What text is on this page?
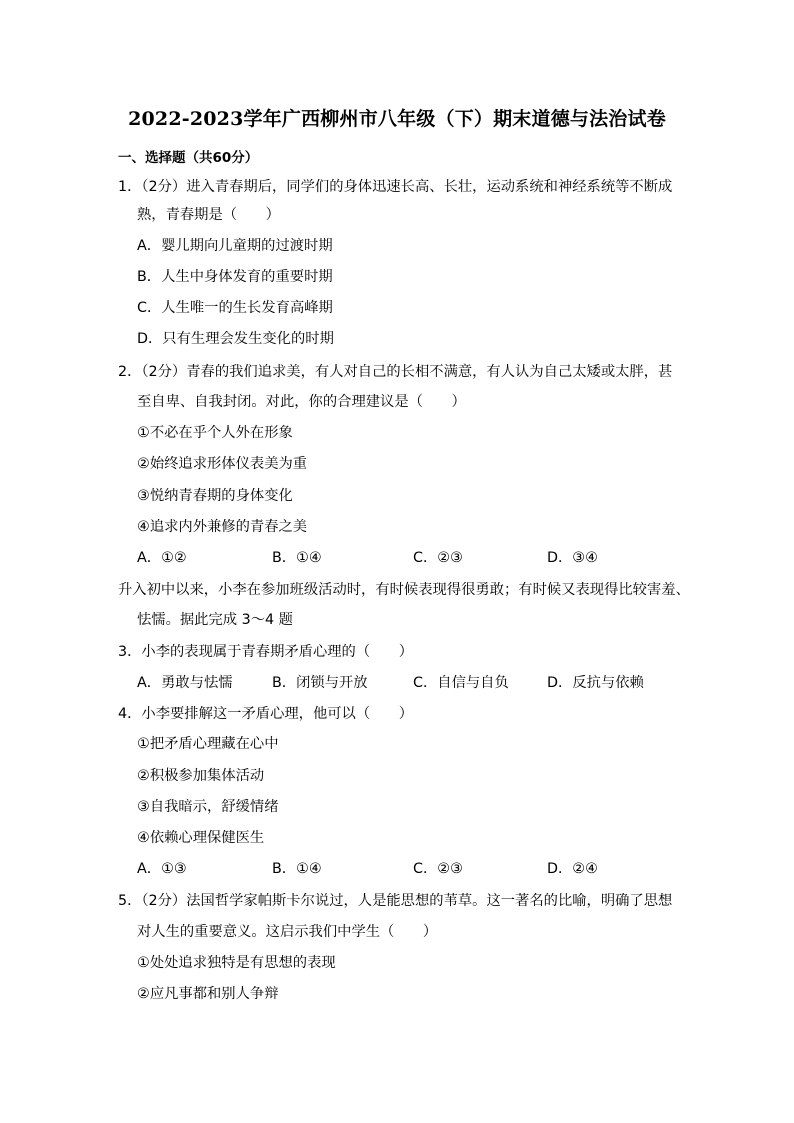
2022-2023学年广西柳州市八年级（下）期末道德与法治试卷
一、选择题（共60分）
1．（2分）进入青春期后，同学们的身体迅速长高、长壮，运动系统和神经系统等不断成
熟，青春期是（　　）
A．婴儿期向儿童期的过渡时期
B．人生中身体发育的重要时期
C．人生唯一的生长发育高峰期
D．只有生理会发生变化的时期
2．（2分）青春的我们追求美，有人对自己的长相不满意，有人认为自己太矮或太胖，甚
至自卑、自我封闭。对此，你的合理建议是（　　）
①不必在乎个人外在形象
②始终追求形体仪表美为重
③悦纳青春期的身体变化
④追求内外兼修的青春之美
A．①②	B．①④	C．②③	D．③④
升入初中以来，小李在参加班级活动时，有时候表现得很勇敢；有时候又表现得比较害羞、
怯懦。据此完成 3～4 题
3．小李的表现属于青春期矛盾心理的（　　）
A．勇敢与怯懦	B．闭锁与开放	C．自信与自负	D．反抗与依赖
4．小李要排解这一矛盾心理，他可以（　　）
①把矛盾心理藏在心中
②积极参加集体活动
③自我暗示，舒缓情绪
④依赖心理保健医生
A．①③	B．①④	C．②③	D．②④
5．（2分）法国哲学家帕斯卡尔说过，人是能思想的苇草。这一著名的比喻，明确了思想
对人生的重要意义。这启示我们中学生（　　）
①处处追求独特是有思想的表现
②应凡事都和别人争辩
